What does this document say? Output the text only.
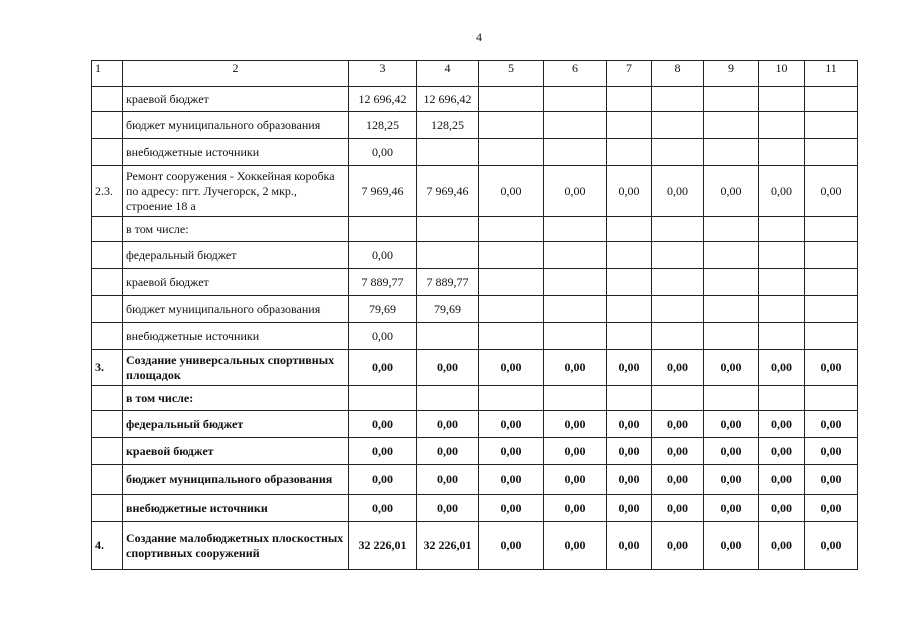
4
1	2	3	4	5	6	7	8	9	10	11
	краевой бюджет	12 696,42	12 696,42							
	бюджет муниципального образования	128,25	128,25							
	внебюджетные источники	0,00								
2.3.	Ремонт сооружения - Хоккейная коробка по адресу: пгт. Лучегорск, 2 мкр., строение 18 а	7 969,46	7 969,46	0,00	0,00	0,00	0,00	0,00	0,00	0,00
	в том числе:									
	федеральный бюджет	0,00								
	краевой бюджет	7 889,77	7 889,77							
	бюджет муниципального образования	79,69	79,69							
	внебюджетные источники	0,00								
3.	Создание универсальных спортивных площадок	0,00	0,00	0,00	0,00	0,00	0,00	0,00	0,00	0,00
	в том числе:									
	федеральный бюджет	0,00	0,00	0,00	0,00	0,00	0,00	0,00	0,00	0,00
	краевой бюджет	0,00	0,00	0,00	0,00	0,00	0,00	0,00	0,00	0,00
	бюджет муниципального образования	0,00	0,00	0,00	0,00	0,00	0,00	0,00	0,00	0,00
	внебюджетные источники	0,00	0,00	0,00	0,00	0,00	0,00	0,00	0,00	0,00
4.	Создание малобюджетных плоскостных спортивных сооружений	32 226,01	32 226,01	0,00	0,00	0,00	0,00	0,00	0,00	0,00
